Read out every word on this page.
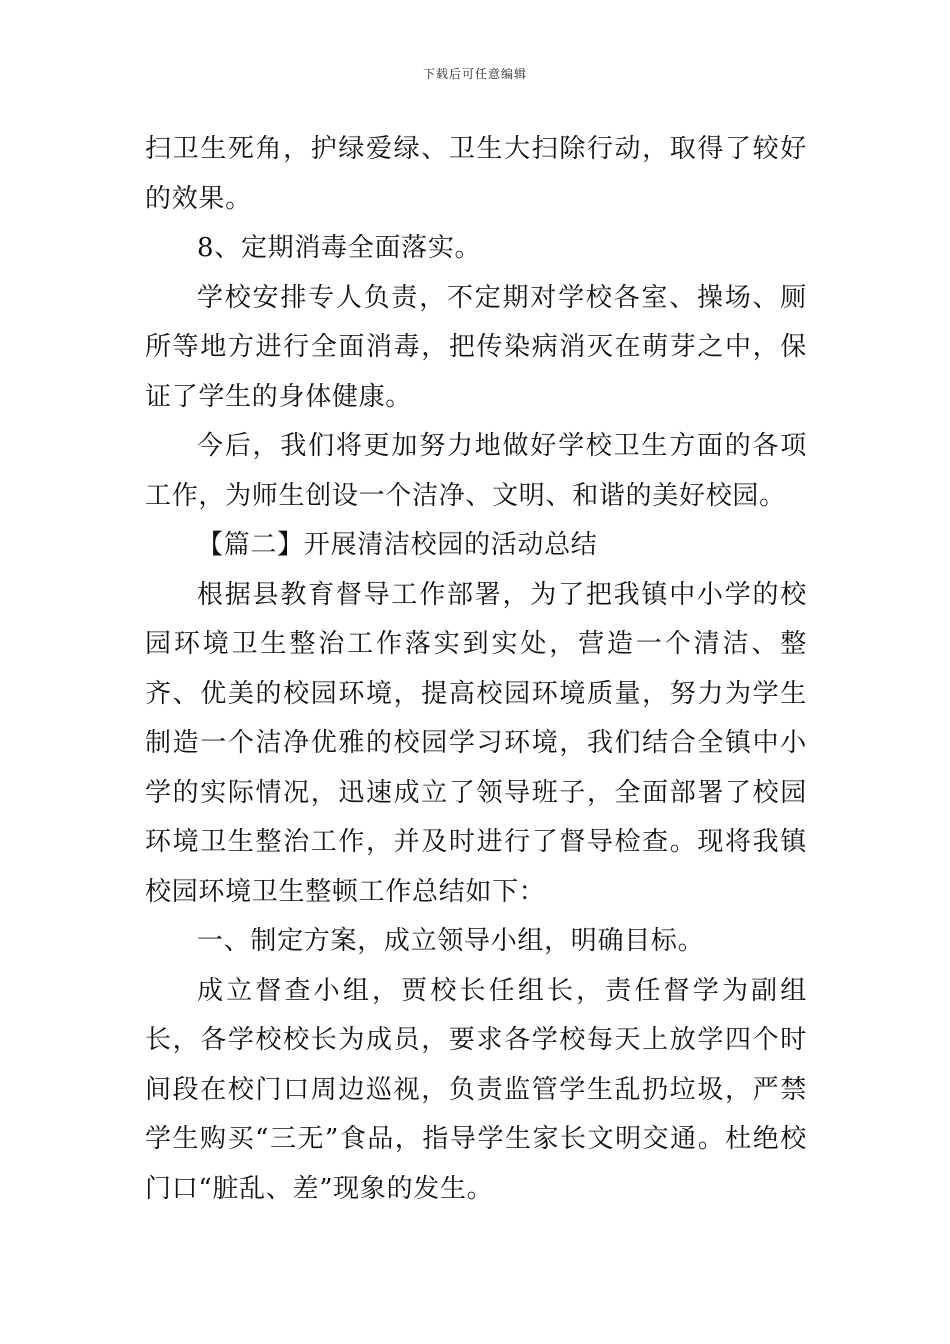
下载后可任意编辑

扫卫生死角，护绿爱绿、卫生大扫除行动，取得了较好的效果。

8、定期消毒全面落实。

学校安排专人负责，不定期对学校各室、操场、厕所等地方进行全面消毒，把传染病消灭在萌芽之中，保证了学生的身体健康。

今后，我们将更加努力地做好学校卫生方面的各项工作，为师生创设一个洁净、文明、和谐的美好校园。

【篇二】开展清洁校园的活动总结

根据县教育督导工作部署，为了把我镇中小学的校园环境卫生整治工作落实到实处，营造一个清洁、整齐、优美的校园环境，提高校园环境质量，努力为学生制造一个洁净优雅的校园学习环境，我们结合全镇中小学的实际情况，迅速成立了领导班子，全面部署了校园环境卫生整治工作，并及时进行了督导检查。现将我镇校园环境卫生整顿工作总结如下：

一、制定方案，成立领导小组，明确目标。

成立督查小组，贾校长任组长，责任督学为副组长，各学校校长为成员，要求各学校每天上放学四个时间段在校门口周边巡视，负责监管学生乱扔垃圾，严禁学生购买“三无”食品，指导学生家长文明交通。杜绝校门口“脏乱、差”现象的发生。
